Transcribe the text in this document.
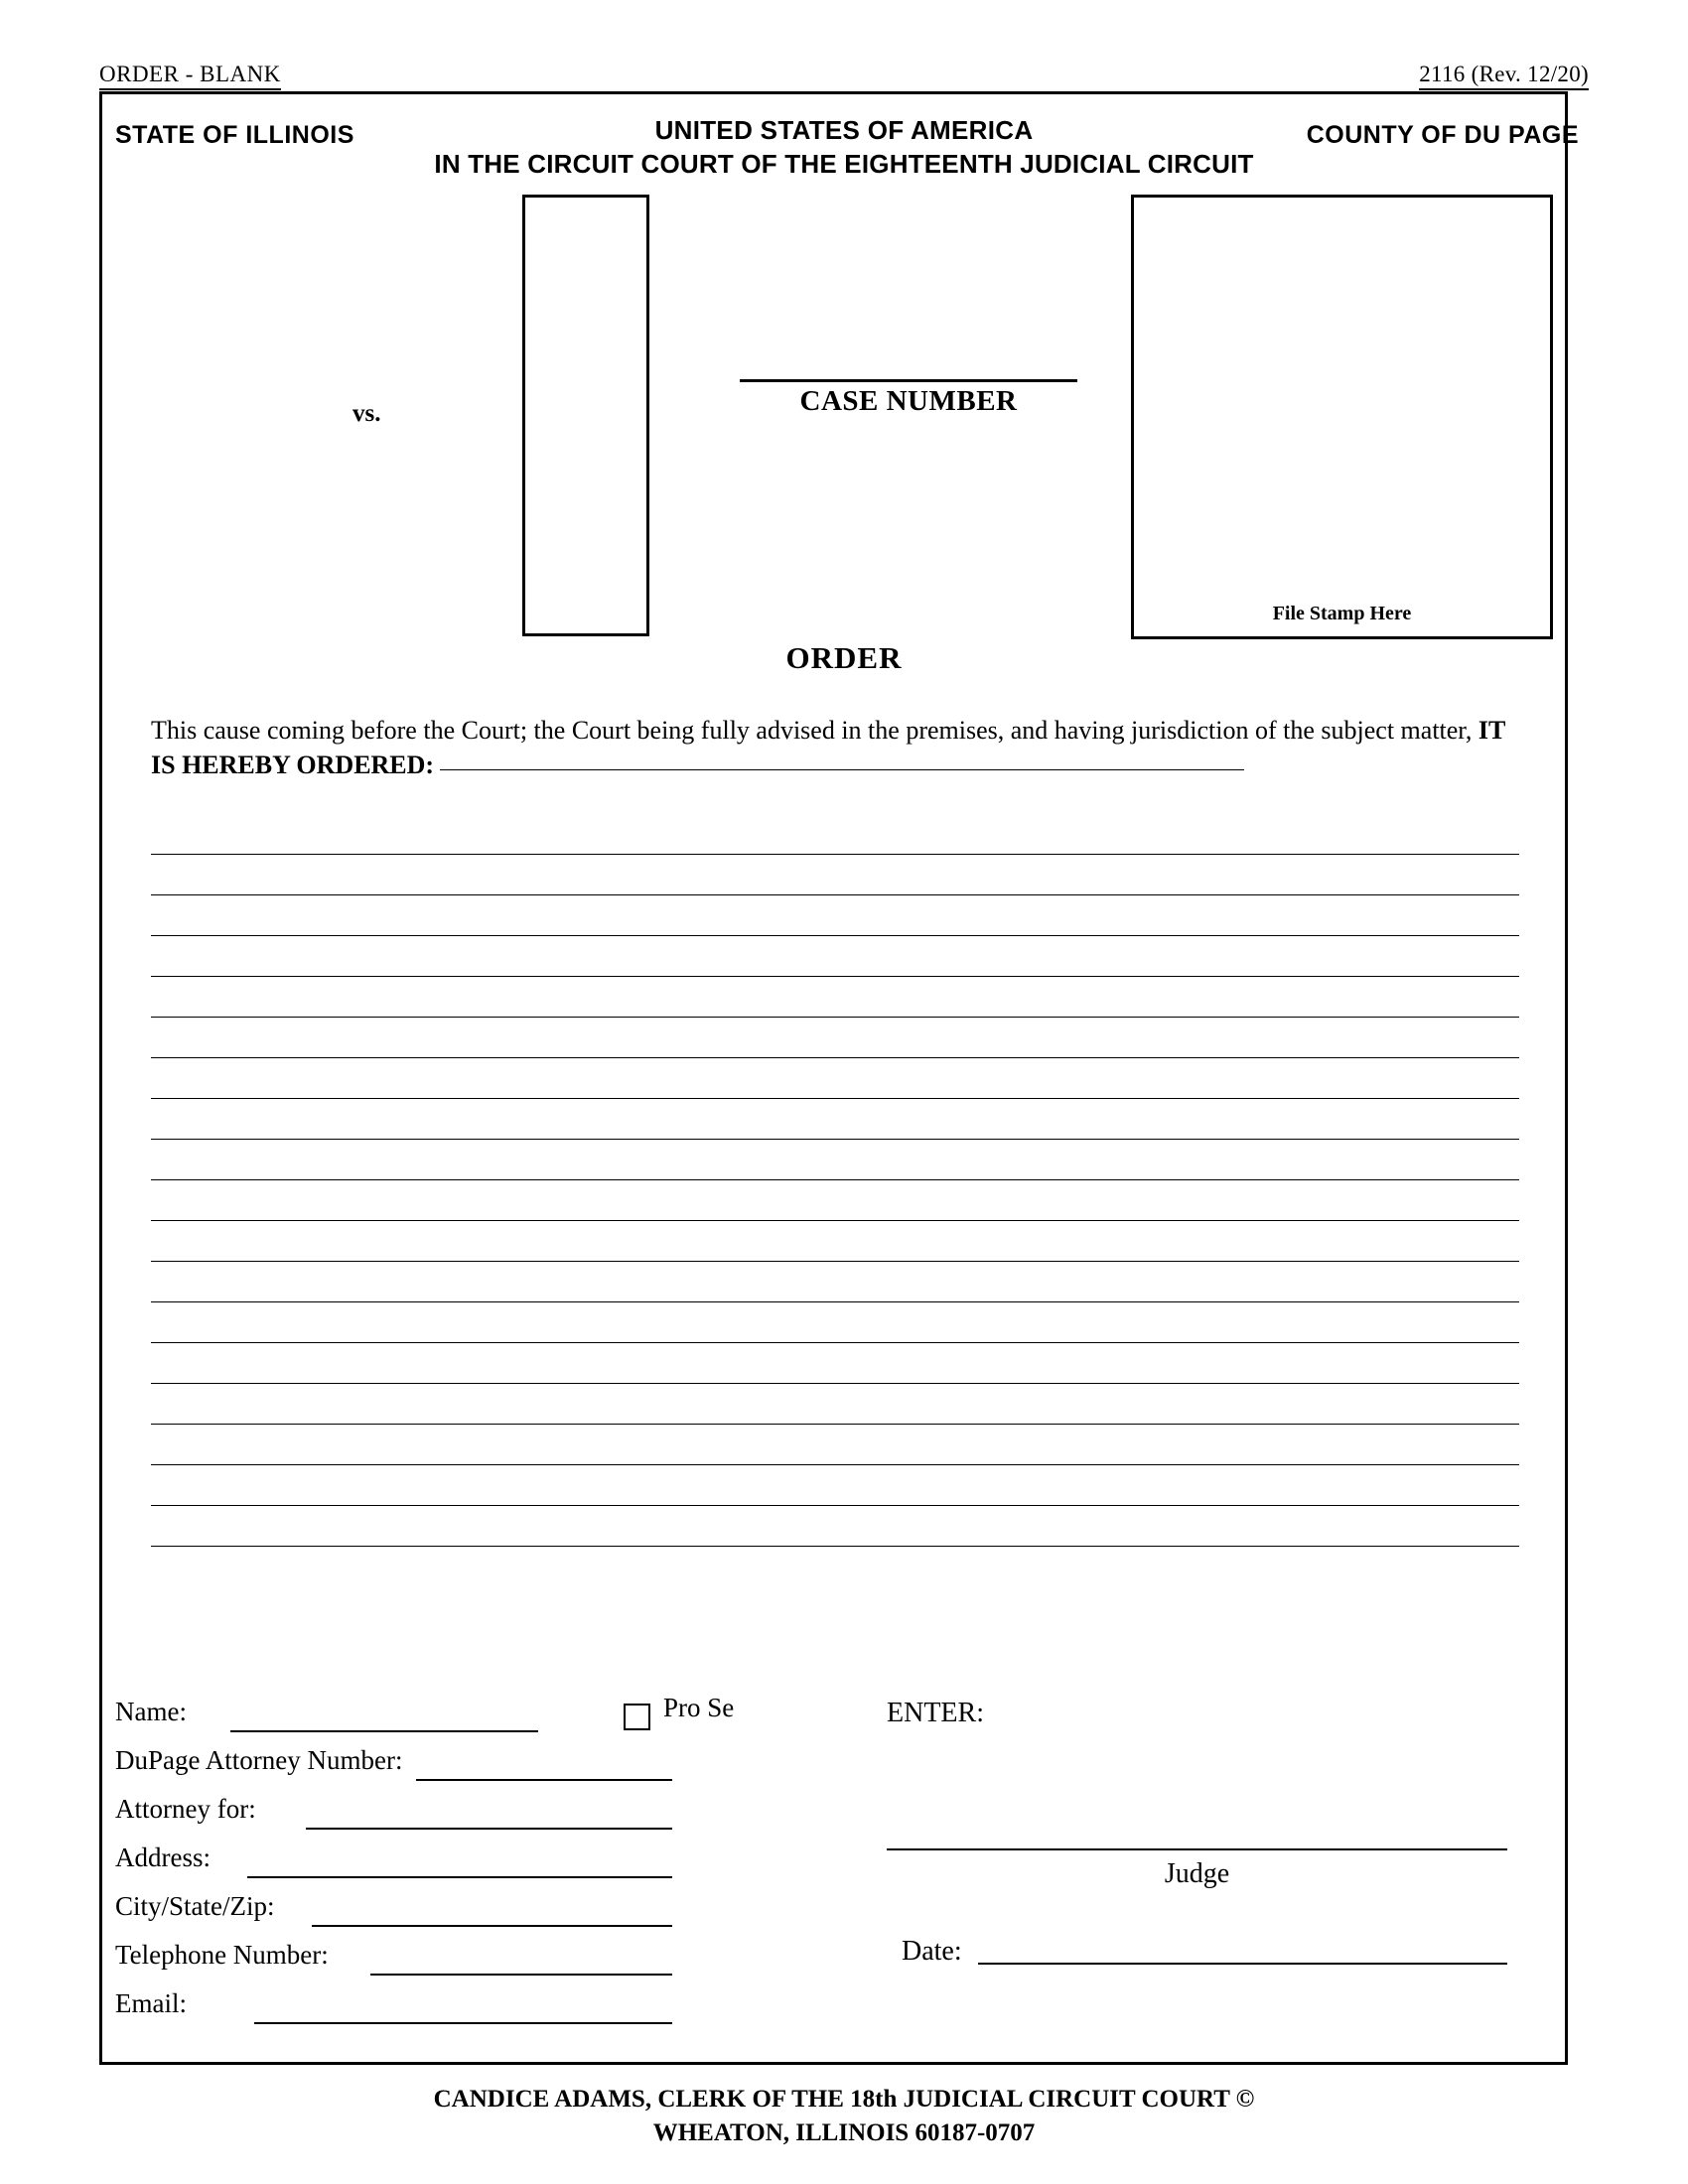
ORDER - BLANK	2116 (Rev. 12/20)
STATE OF ILLINOIS	UNITED STATES OF AMERICA	COUNTY OF DU PAGE
IN THE CIRCUIT COURT OF THE EIGHTEENTH JUDICIAL CIRCUIT
vs.	CASE NUMBER
File Stamp Here
ORDER
This cause coming before the Court; the Court being fully advised in the premises, and having jurisdiction of the subject matter, IT IS HEREBY ORDERED:
Name:
DuPage Attorney Number:
Attorney for:
Address:
City/State/Zip:
Telephone Number:
Email:
Pro Se	ENTER:
Judge
Date:
CANDICE ADAMS, CLERK OF THE 18th JUDICIAL CIRCUIT COURT ©
WHEATON, ILLINOIS 60187-0707
